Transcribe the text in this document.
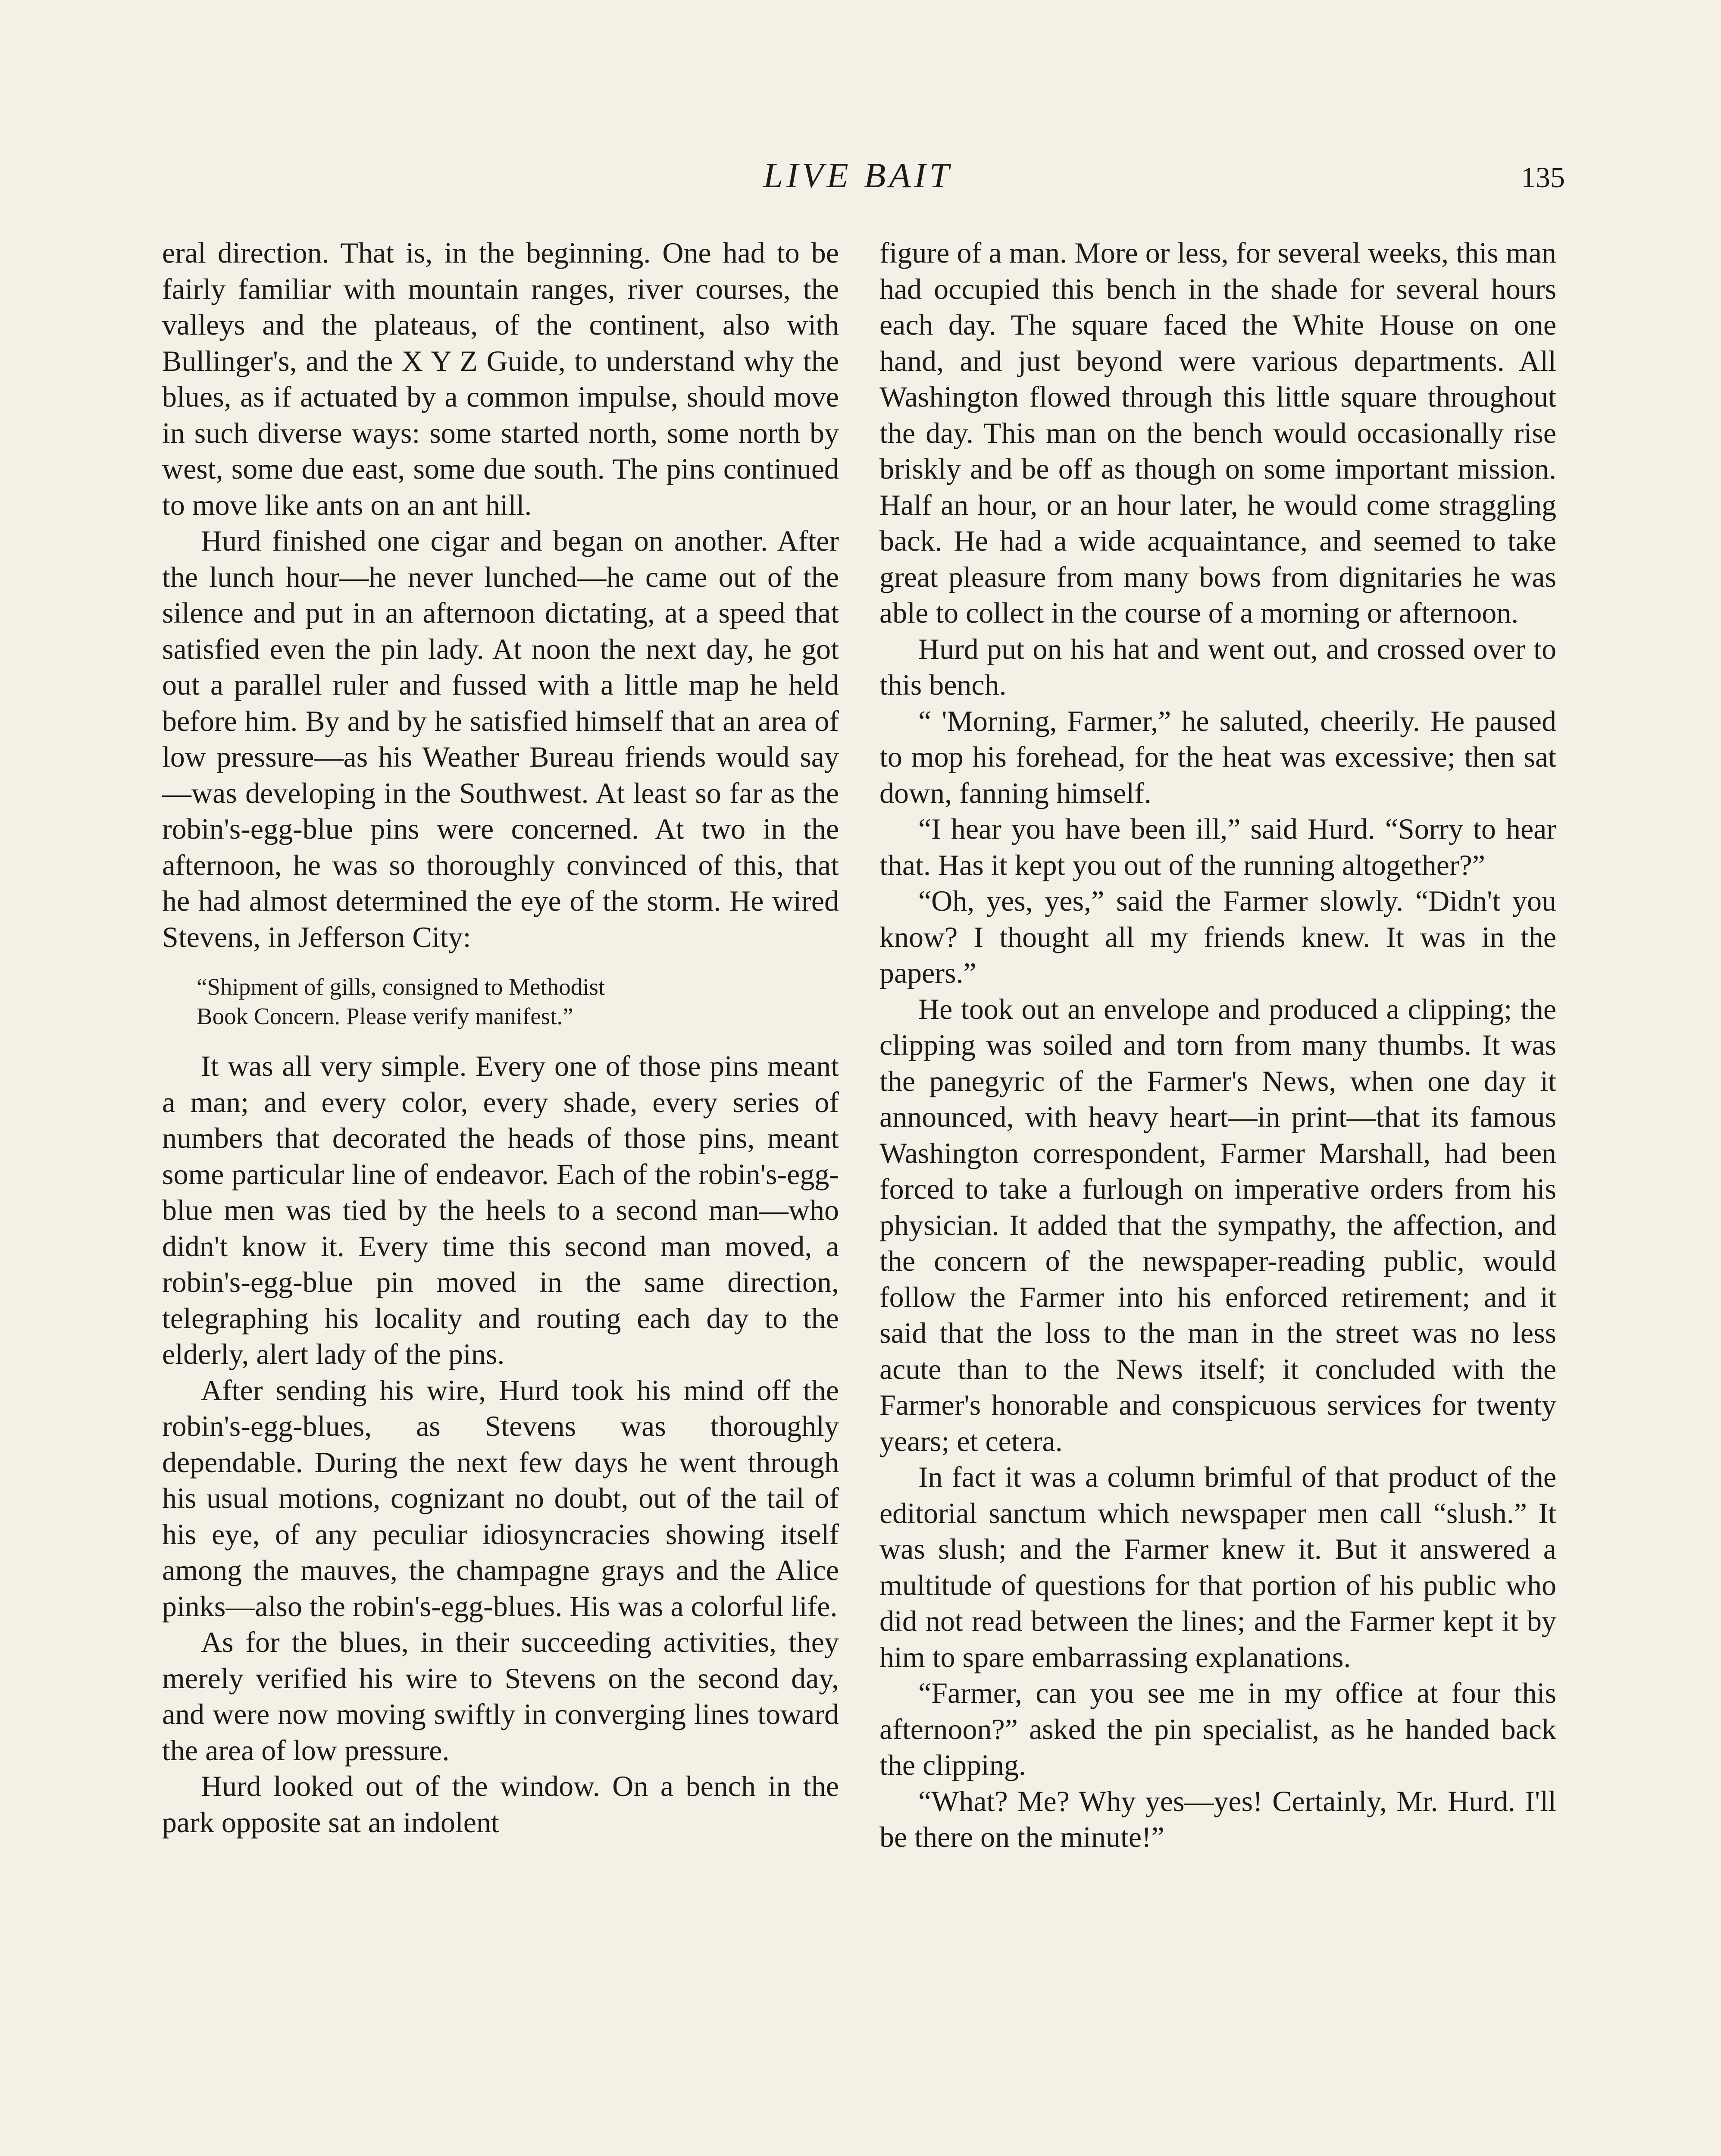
LIVE BAIT	135

eral direction. That is, in the beginning. One had to be fairly familiar with mountain ranges, river courses, the valleys and the plateaus, of the continent, also with Bullinger's, and the X Y Z Guide, to understand why the blues, as if actuated by a common impulse, should move in such diverse ways: some started north, some north by west, some due east, some due south. The pins continued to move like ants on an ant hill.

Hurd finished one cigar and began on another. After the lunch hour—he never lunched—he came out of the silence and put in an afternoon dictating, at a speed that satisfied even the pin lady. At noon the next day, he got out a parallel ruler and fussed with a little map he held before him. By and by he satisfied himself that an area of low pressure—as his Weather Bureau friends would say—was developing in the Southwest. At least so far as the robin's-egg-blue pins were concerned. At two in the afternoon, he was so thoroughly convinced of this, that he had almost determined the eye of the storm. He wired Stevens, in Jefferson City:

“Shipment of gills, consigned to Methodist
Book Concern. Please verify manifest.”

It was all very simple. Every one of those pins meant a man; and every color, every shade, every series of numbers that decorated the heads of those pins, meant some particular line of endeavor. Each of the robin's-egg-blue men was tied by the heels to a second man—who didn't know it. Every time this second man moved, a robin's-egg-blue pin moved in the same direction, telegraphing his locality and routing each day to the elderly, alert lady of the pins.

After sending his wire, Hurd took his mind off the robin's-egg-blues, as Stevens was thoroughly dependable. During the next few days he went through his usual motions, cognizant no doubt, out of the tail of his eye, of any peculiar idiosyncracies showing itself among the mauves, the champagne grays and the Alice pinks—also the robin's-egg-blues. His was a colorful life.

As for the blues, in their succeeding activities, they merely verified his wire to Stevens on the second day, and were now moving swiftly in converging lines toward the area of low pressure.

Hurd looked out of the window. On a bench in the park opposite sat an indolent

figure of a man. More or less, for several weeks, this man had occupied this bench in the shade for several hours each day. The square faced the White House on one hand, and just beyond were various departments. All Washington flowed through this little square throughout the day. This man on the bench would occasionally rise briskly and be off as though on some important mission. Half an hour, or an hour later, he would come straggling back. He had a wide acquaintance, and seemed to take great pleasure from many bows from dignitaries he was able to collect in the course of a morning or afternoon.

Hurd put on his hat and went out, and crossed over to this bench.

“ 'Morning, Farmer,” he saluted, cheerily. He paused to mop his forehead, for the heat was excessive; then sat down, fanning himself.

“I hear you have been ill,” said Hurd. “Sorry to hear that. Has it kept you out of the running altogether?”

“Oh, yes, yes,” said the Farmer slowly. “Didn't you know? I thought all my friends knew. It was in the papers.”

He took out an envelope and produced a clipping; the clipping was soiled and torn from many thumbs. It was the panegyric of the Farmer's News, when one day it announced, with heavy heart—in print—that its famous Washington correspondent, Farmer Marshall, had been forced to take a furlough on imperative orders from his physician. It added that the sympathy, the affection, and the concern of the newspaper-reading public, would follow the Farmer into his enforced retirement; and it said that the loss to the man in the street was no less acute than to the News itself; it concluded with the Farmer's honorable and conspicuous services for twenty years; et cetera.

In fact it was a column brimful of that product of the editorial sanctum which newspaper men call “slush.” It was slush; and the Farmer knew it. But it answered a multitude of questions for that portion of his public who did not read between the lines; and the Farmer kept it by him to spare embarrassing explanations.

“Farmer, can you see me in my office at four this afternoon?” asked the pin specialist, as he handed back the clipping.

“What? Me? Why yes—yes! Certainly, Mr. Hurd. I'll be there on the minute!”
